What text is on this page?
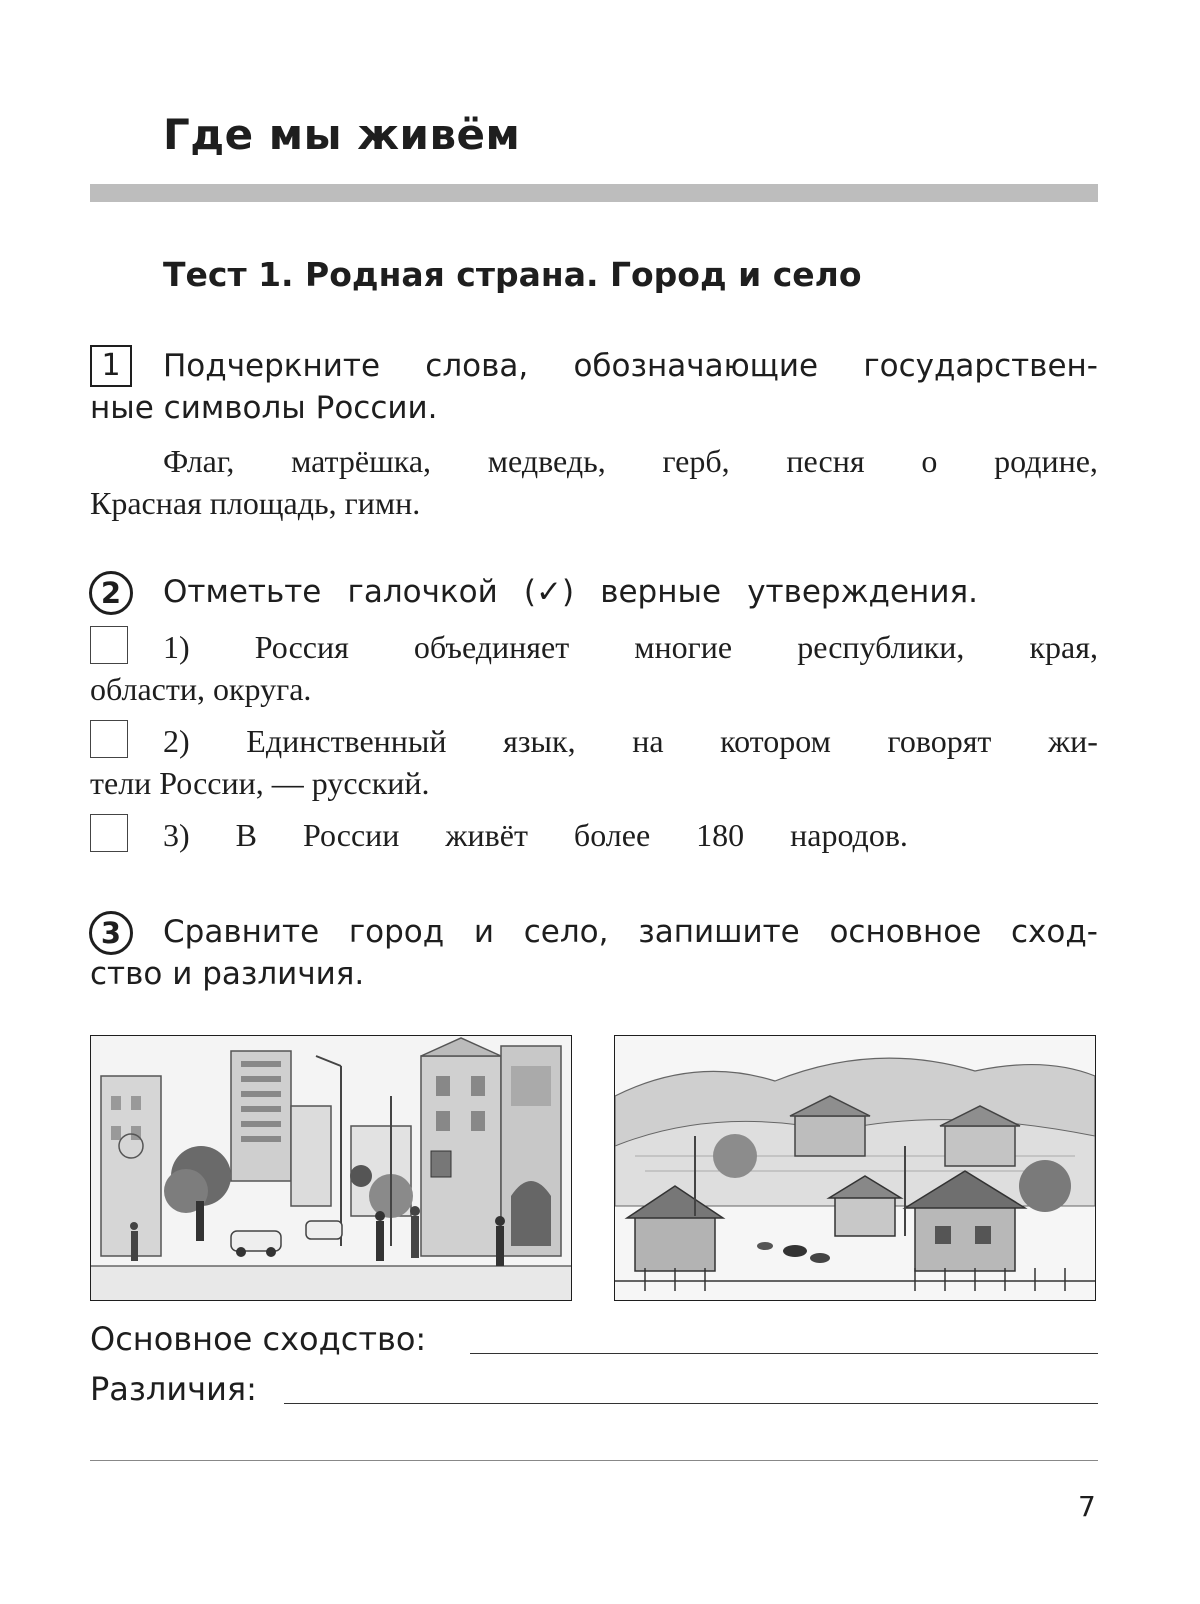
Где мы живём
Тест 1. Родная страна. Город и село
1	Подчеркните слова, обозначающие государствен-
ные символы России.
Флаг, матрёшка, медведь, герб, песня о родине,
Красная площадь, гимн.
2	Отметьте галочкой (✓) верные утверждения.
1) Россия объединяет многие республики, края,
области, округа.
2) Единственный язык, на котором говорят жи-
тели России, — русский.
3) В России живёт более 180 народов.
3	Сравните город и село, запишите основное сход-
ство и различия.
Основное сходство:
Различия:
7
